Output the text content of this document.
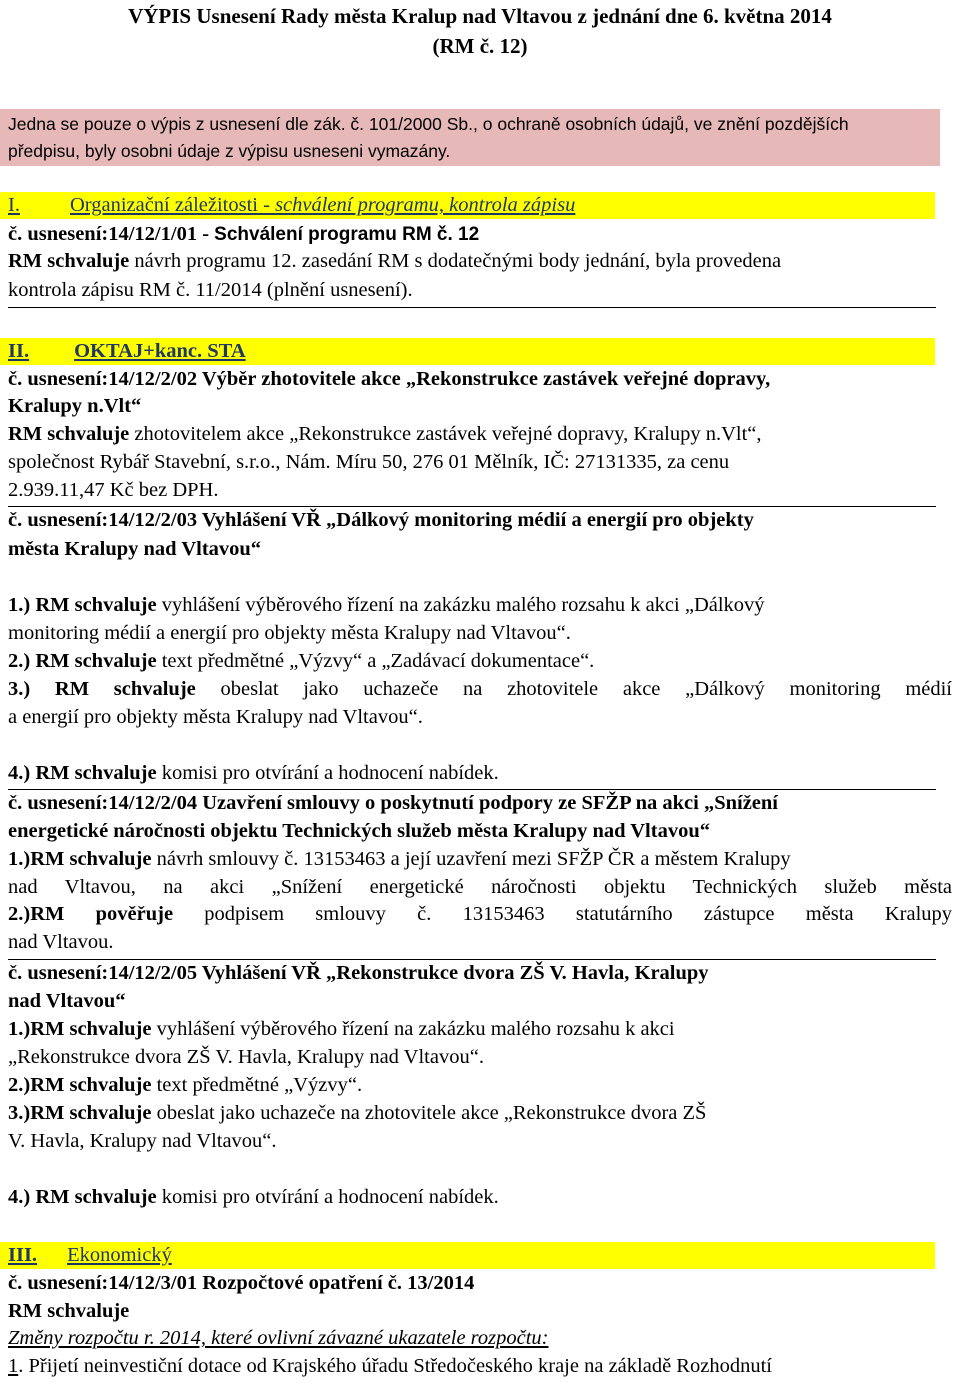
VÝPIS Usnesení Rady města Kralup nad Vltavou z jednání dne 6. května 2014
(RM č. 12)
Jedna se pouze o výpis z usnesení dle zák. č. 101/2000 Sb., o ochraně osobních údajů, ve znění pozdějších
předpisu, byly osobni údaje z výpisu usneseni vymazány.
I. Organizační záležitosti - schválení programu, kontrola zápisu
č. usnesení:14/12/1/01 - Schválení programu RM č. 12
RM schvaluje návrh programu 12. zasedání RM s dodatečnými body jednání, byla provedena
kontrola zápisu RM č. 11/2014 (plnění usnesení).
II. OKTAJ+kanc. STA
č. usnesení:14/12/2/02 Výběr zhotovitele akce „Rekonstrukce zastávek veřejné dopravy,
Kralupy n.Vlt“
RM schvaluje zhotovitelem akce „Rekonstrukce zastávek veřejné dopravy, Kralupy n.Vlt“,
společnost Rybář Stavební, s.r.o., Nám. Míru 50, 276 01 Mělník, IČ: 27131335, za cenu
2.939.11,47 Kč bez DPH.
č. usnesení:14/12/2/03 Vyhlášení VŘ „Dálkový monitoring médií a energií pro objekty
města Kralupy nad Vltavou“
1.) RM schvaluje vyhlášení výběrového řízení na zakázku malého rozsahu k akci „Dálkový
monitoring médií a energií pro objekty města Kralupy nad Vltavou“.
2.) RM schvaluje text předmětné „Výzvy“ a „Zadávací dokumentace“.
3.) RM schvaluje obeslat jako uchazeče na zhotovitele akce „Dálkový monitoring médií
a energií pro objekty města Kralupy nad Vltavou“.
4.) RM schvaluje komisi pro otvírání a hodnocení nabídek.
č. usnesení:14/12/2/04 Uzavření smlouvy o poskytnutí podpory ze SFŽP na akci „Snížení
energetické náročnosti objektu Technických služeb města Kralupy nad Vltavou“
1.)RM schvaluje návrh smlouvy č. 13153463 a její uzavření mezi SFŽP ČR a městem Kralupy
nad Vltavou, na akci „Snížení energetické náročnosti objektu Technických služeb města
2.)RM pověřuje podpisem smlouvy č. 13153463 statutárního zástupce města Kralupy
nad Vltavou.
č. usnesení:14/12/2/05 Vyhlášení VŘ „Rekonstrukce dvora ZŠ V. Havla, Kralupy
nad Vltavou“
1.)RM schvaluje vyhlášení výběrového řízení na zakázku malého rozsahu k akci
„Rekonstrukce dvora ZŠ V. Havla, Kralupy nad Vltavou“.
2.)RM schvaluje text předmětné „Výzvy“.
3.)RM schvaluje obeslat jako uchazeče na zhotovitele akce „Rekonstrukce dvora ZŠ
V. Havla, Kralupy nad Vltavou“.
4.) RM schvaluje komisi pro otvírání a hodnocení nabídek.
III. Ekonomický
č. usnesení:14/12/3/01 Rozpočtové opatření č. 13/2014
RM schvaluje
Změny rozpočtu r. 2014, které ovlivní závazné ukazatele rozpočtu:
1. Přijetí neinvestiční dotace od Krajského úřadu Středočeského kraje na základě Rozhodnutí
